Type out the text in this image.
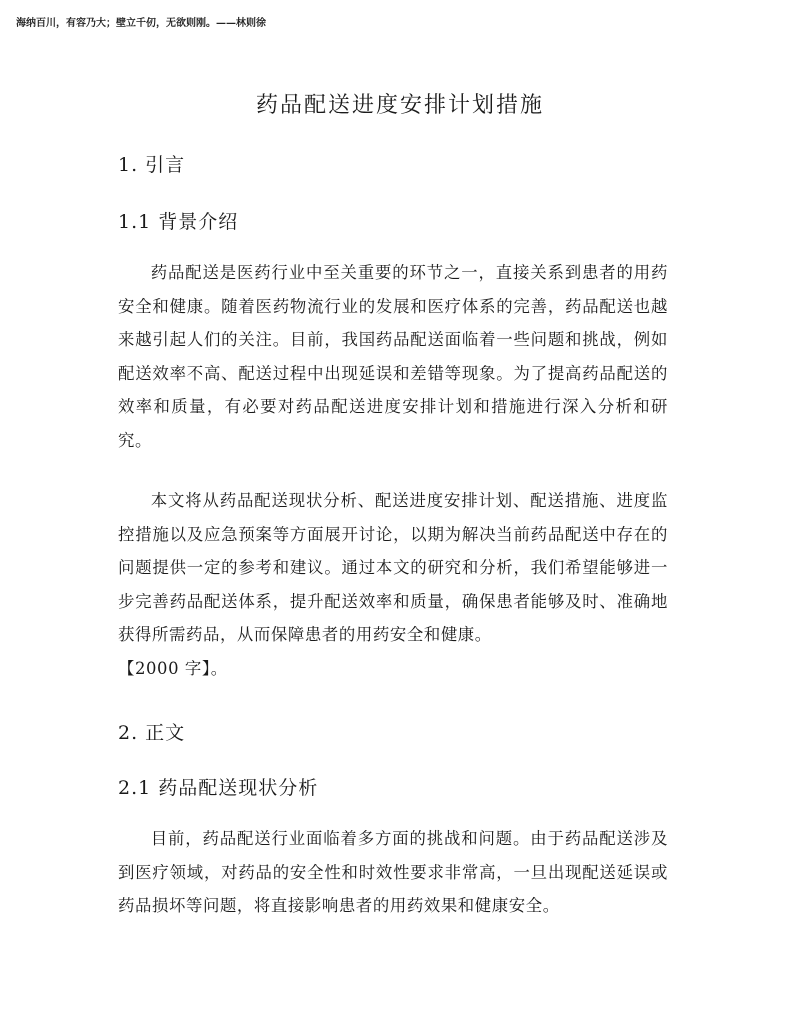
海纳百川，有容乃大；壁立千仞，无欲则刚。——林则徐
药品配送进度安排计划措施
1. 引言
1.1 背景介绍

药品配送是医药行业中至关重要的环节之一，直接关系到患者的用药安全和健康。随着医药物流行业的发展和医疗体系的完善，药品配送也越来越引起人们的关注。目前，我国药品配送面临着一些问题和挑战，例如配送效率不高、配送过程中出现延误和差错等现象。为了提高药品配送的效率和质量，有必要对药品配送进度安排计划和措施进行深入分析和研究。

本文将从药品配送现状分析、配送进度安排计划、配送措施、进度监控措施以及应急预案等方面展开讨论，以期为解决当前药品配送中存在的问题提供一定的参考和建议。通过本文的研究和分析，我们希望能够进一步完善药品配送体系，提升配送效率和质量，确保患者能够及时、准确地获得所需药品，从而保障患者的用药安全和健康。
【2000 字】。

2. 正文
2.1 药品配送现状分析

目前，药品配送行业面临着多方面的挑战和问题。由于药品配送涉及到医疗领域，对药品的安全性和时效性要求非常高，一旦出现配送延误或药品损坏等问题，将直接影响患者的用药效果和健康安全。
